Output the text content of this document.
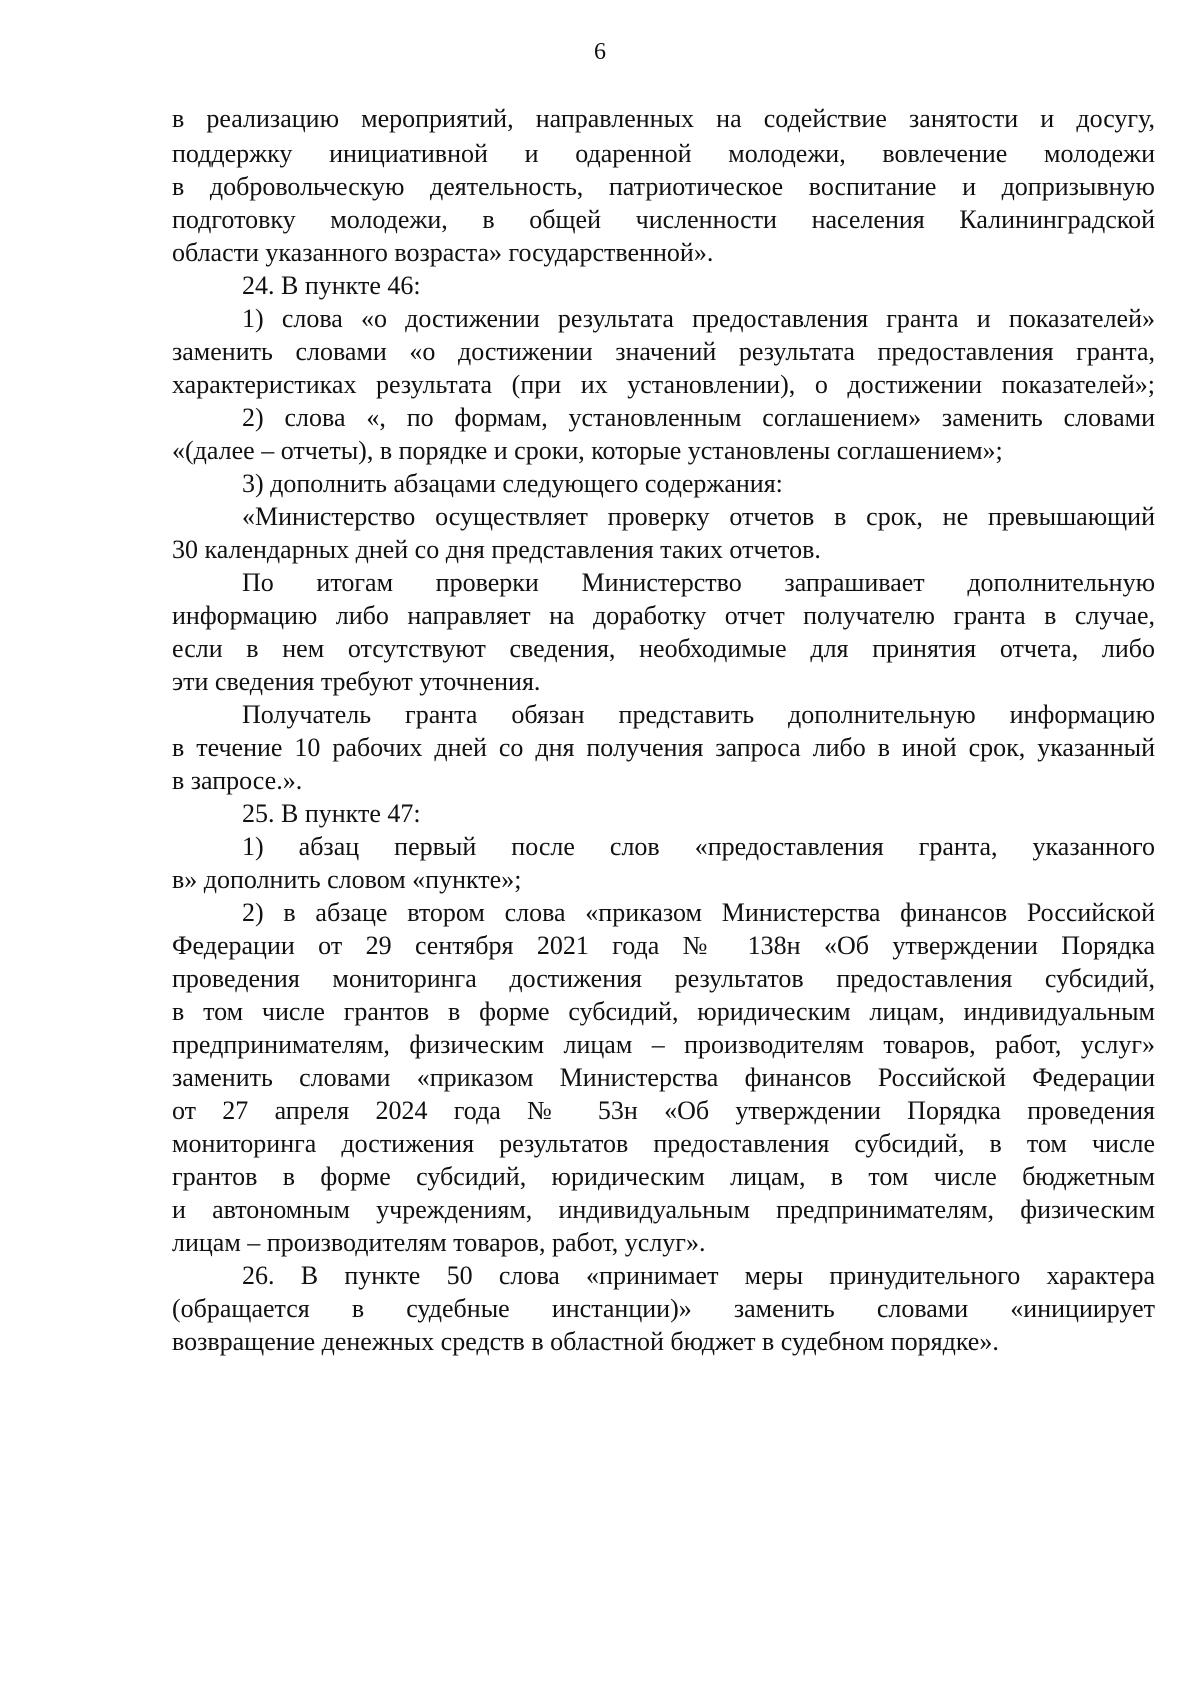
6
в реализацию мероприятий, направленных на содействие занятости и досугу,
поддержку инициативной и одаренной молодежи, вовлечение молодежи
в добровольческую деятельность, патриотическое воспитание и допризывную
подготовку молодежи, в общей численности населения Калининградской
области указанного возраста» государственной».
24. В пункте 46:
1) слова «о достижении результата предоставления гранта и показателей»
заменить словами «о достижении значений результата предоставления гранта,
характеристиках результата (при их установлении), о достижении показателей»;
2) слова «, по формам, установленным соглашением» заменить словами
«(далее – отчеты), в порядке и сроки, которые установлены соглашением»;
3) дополнить абзацами следующего содержания:
«Министерство осуществляет проверку отчетов в срок, не превышающий
30 календарных дней со дня представления таких отчетов.
По итогам проверки Министерство запрашивает дополнительную
информацию либо направляет на доработку отчет получателю гранта в случае,
если в нем отсутствуют сведения, необходимые для принятия отчета, либо
эти сведения требуют уточнения.
Получатель гранта обязан представить дополнительную информацию
в течение 10 рабочих дней со дня получения запроса либо в иной срок, указанный
в запросе.».
25. В пункте 47:
1) абзац первый после слов «предоставления гранта, указанного
в» дополнить словом «пункте»;
2) в абзаце втором слова «приказом Министерства финансов Российской
Федерации от 29 сентября 2021 года № 138н «Об утверждении Порядка
проведения мониторинга достижения результатов предоставления субсидий,
в том числе грантов в форме субсидий, юридическим лицам, индивидуальным
предпринимателям, физическим лицам – производителям товаров, работ, услуг»
заменить словами «приказом Министерства финансов Российской Федерации
от 27 апреля 2024 года № 53н «Об утверждении Порядка проведения
мониторинга достижения результатов предоставления субсидий, в том числе
грантов в форме субсидий, юридическим лицам, в том числе бюджетным
и автономным учреждениям, индивидуальным предпринимателям, физическим
лицам – производителям товаров, работ, услуг».
26. В пункте 50 слова «принимает меры принудительного характера
(обращается в судебные инстанции)» заменить словами «инициирует
возвращение денежных средств в областной бюджет в судебном порядке».
